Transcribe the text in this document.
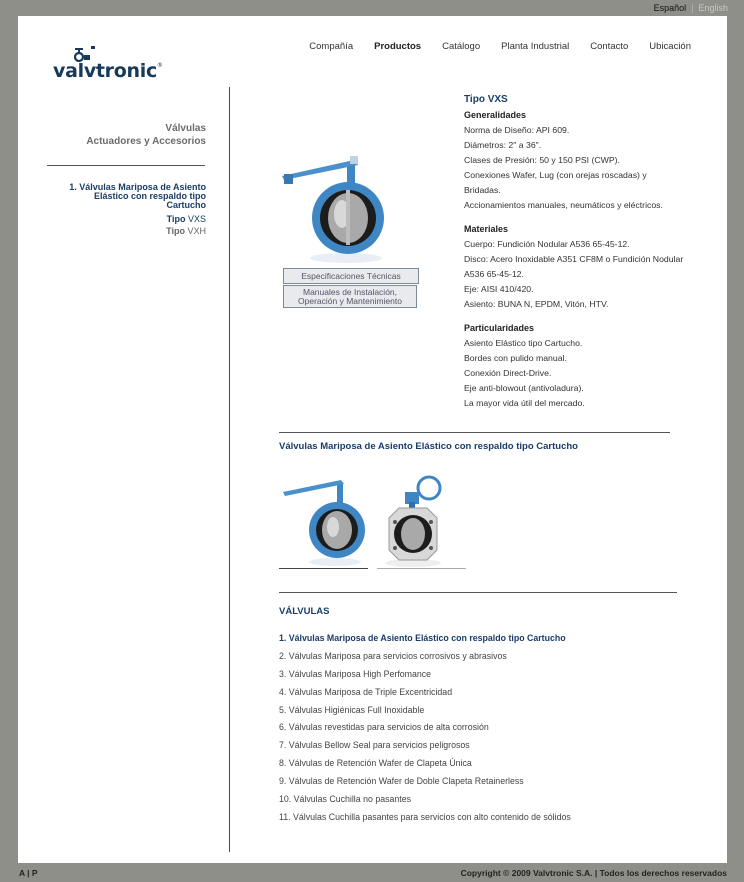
Español | English
valvtronic®
Compañía Productos Catálogo Planta Industrial Contacto Ubicación
Válvulas
Actuadores y Accesorios
1. Válvulas Mariposa de Asiento Elástico con respaldo tipo Cartucho
Tipo VXS
Tipo VXH
Especificaciones Técnicas
Manuales de Instalación, Operación y Mantenimiento
Tipo VXS
Generalidades
Norma de Diseño: API 609.
Diámetros: 2" a 36".
Clases de Presión: 50 y 150 PSI (CWP).
Conexiones Wafer, Lug (con orejas roscadas) y Bridadas.
Accionamientos manuales, neumáticos y eléctricos.
Materiales
Cuerpo: Fundición Nodular A536 65-45-12.
Disco: Acero Inoxidable A351 CF8M o Fundición Nodular A536 65-45-12.
Eje: AISI 410/420.
Asiento: BUNA N, EPDM, Vitón, HTV.
Particularidades
Asiento Elástico tipo Cartucho.
Bordes con pulido manual.
Conexión Direct-Drive.
Eje anti-blowout (antivoladura).
La mayor vida útil del mercado.
Válvulas Mariposa de Asiento Elástico con respaldo tipo Cartucho
VÁLVULAS
1. Válvulas Mariposa de Asiento Elástico con respaldo tipo Cartucho
2. Válvulas Mariposa para servicios corrosivos y abrasivos
3. Válvulas Mariposa High Perfomance
4. Válvulas Mariposa de Triple Excentricidad
5. Válvulas Higiénicas Full Inoxidable
6. Válvulas revestidas para servicios de alta corrosión
7. Válvulas Bellow Seal para servicios peligrosos
8. Válvulas de Retención Wafer de Clapeta Única
9. Válvulas de Retención Wafer de Doble Clapeta Retainerless
10. Válvulas Cuchilla no pasantes
11. Válvulas Cuchilla pasantes para servicios con alto contenido de sólidos
A | P	Copyright © 2009 Valvtronic S.A. | Todos los derechos reservados
